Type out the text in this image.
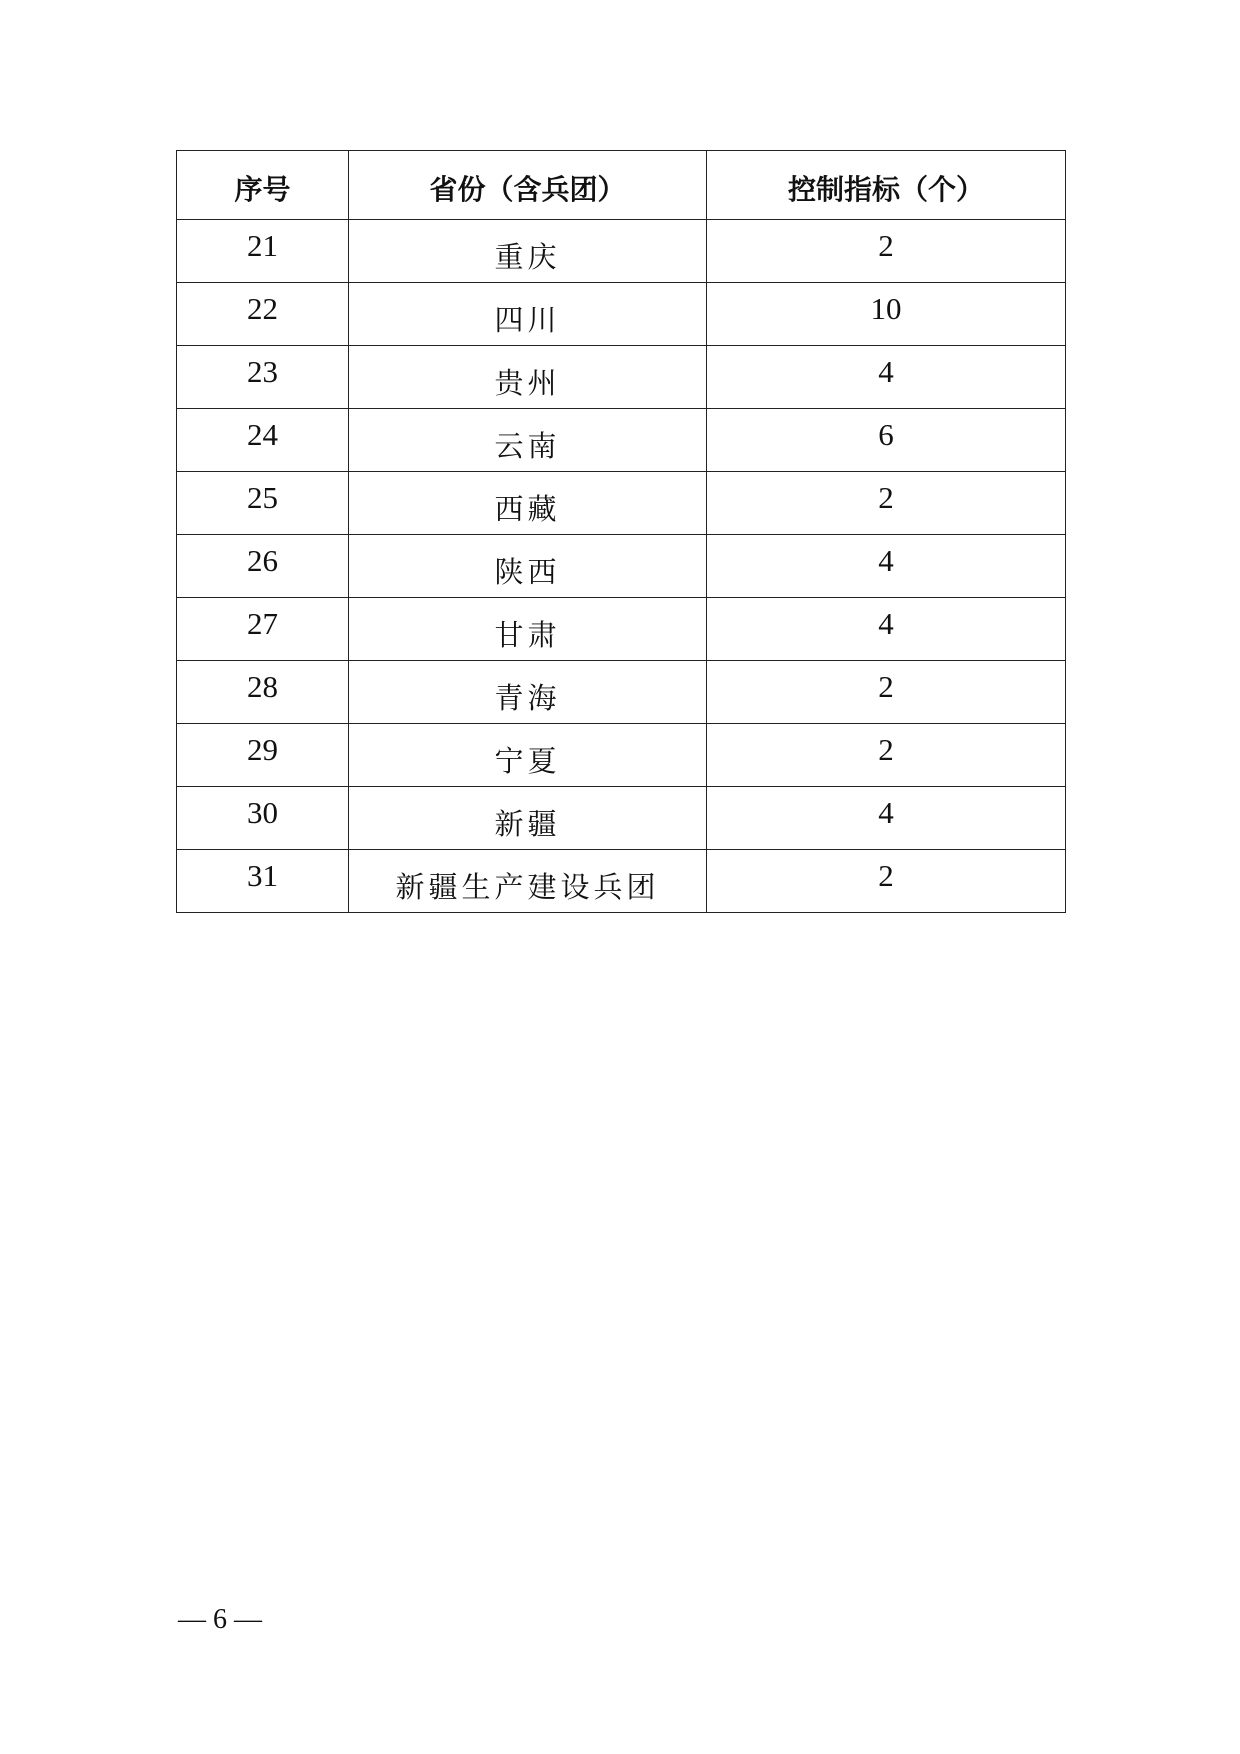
序号	省份（含兵团）	控制指标（个）
21	重庆	2
22	四川	10
23	贵州	4
24	云南	6
25	西藏	2
26	陕西	4
27	甘肃	4
28	青海	2
29	宁夏	2
30	新疆	4
31	新疆生产建设兵团	2
— 6 —
